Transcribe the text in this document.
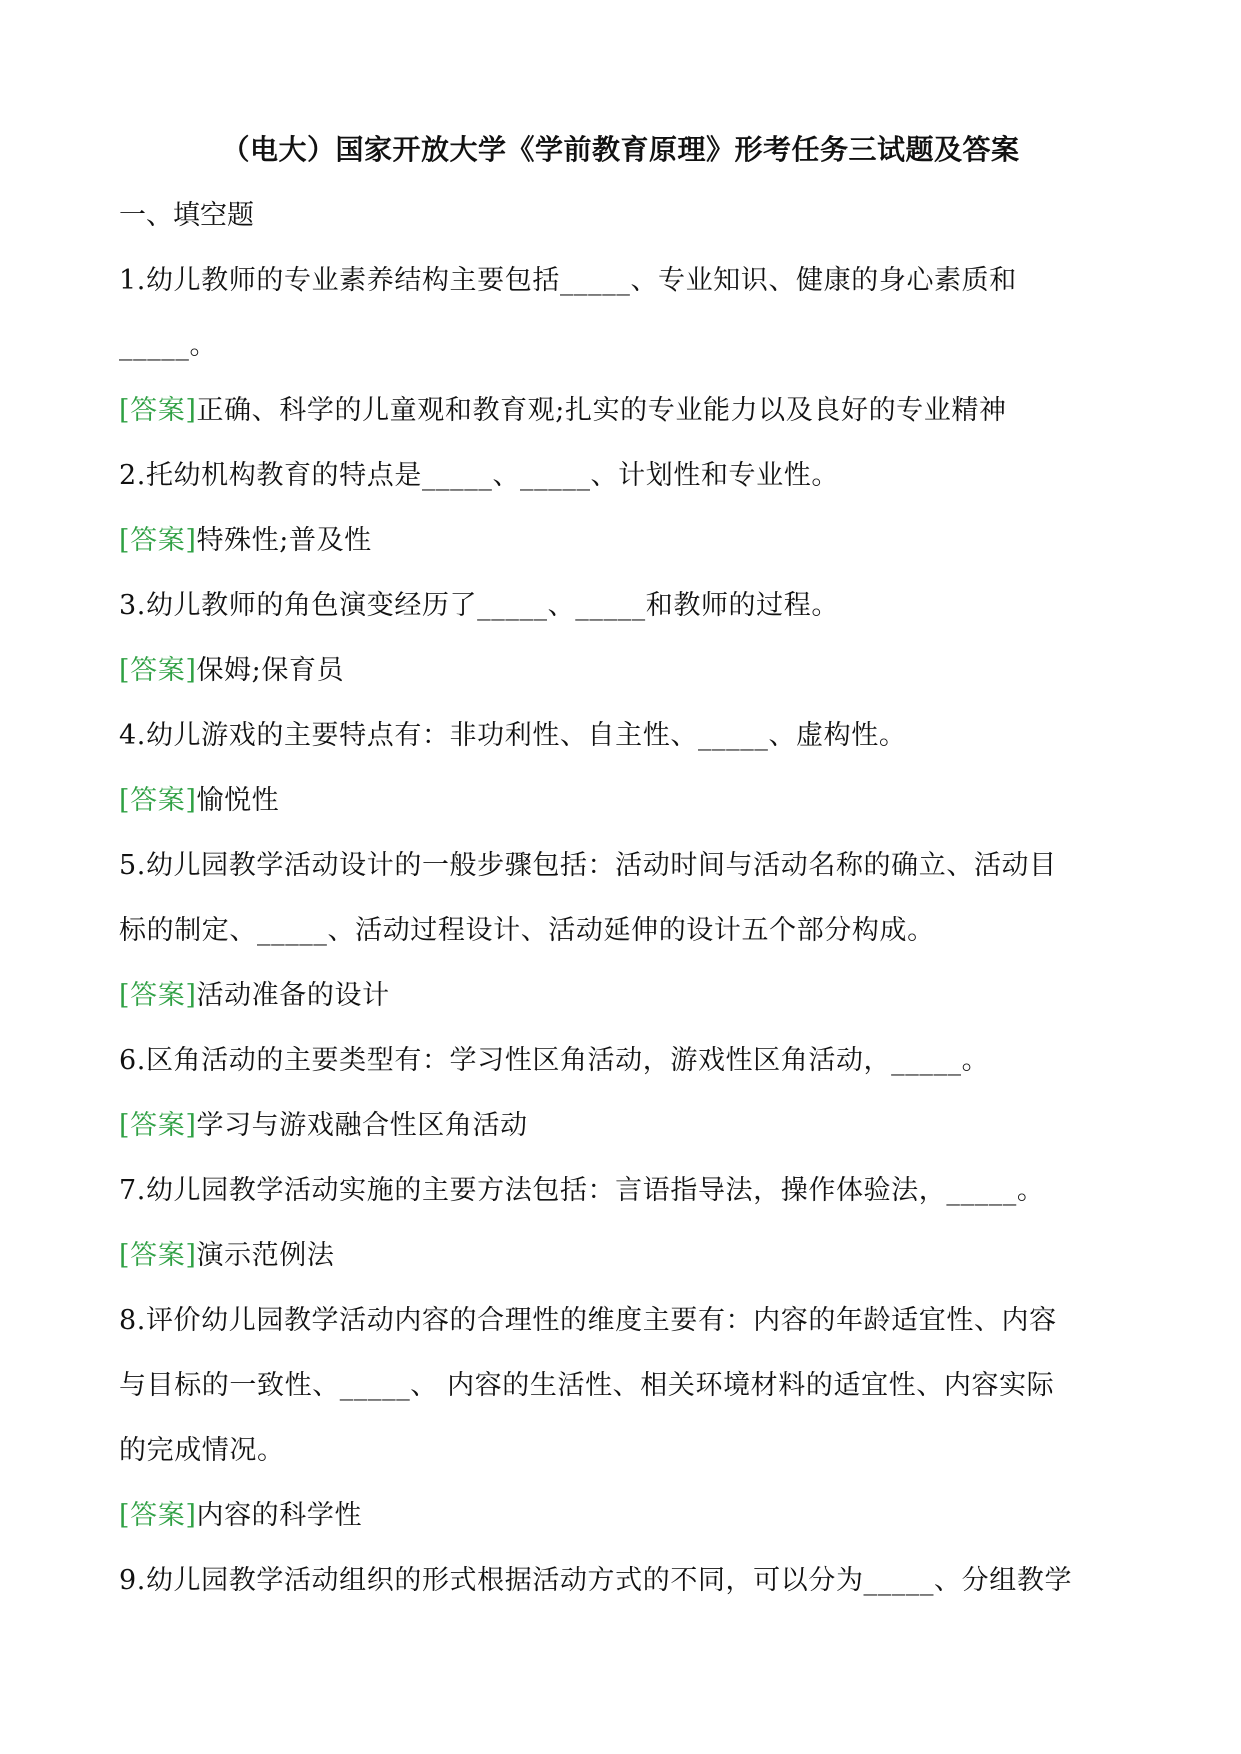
（电大）国家开放大学《学前教育原理》形考任务三试题及答案
一、填空题
1.幼儿教师的专业素养结构主要包括_____、专业知识、健康的身心素质和
_____。
[答案]正确、科学的儿童观和教育观;扎实的专业能力以及良好的专业精神
2.托幼机构教育的特点是_____、_____、计划性和专业性。
[答案]特殊性;普及性
3.幼儿教师的角色演变经历了_____、_____和教师的过程。
[答案]保姆;保育员
4.幼儿游戏的主要特点有：非功利性、自主性、_____、虚构性。
[答案]愉悦性
5.幼儿园教学活动设计的一般步骤包括：活动时间与活动名称的确立、活动目
标的制定、_____、活动过程设计、活动延伸的设计五个部分构成。
[答案]活动准备的设计
6.区角活动的主要类型有：学习性区角活动，游戏性区角活动，_____。
[答案]学习与游戏融合性区角活动
7.幼儿园教学活动实施的主要方法包括：言语指导法，操作体验法，_____。
[答案]演示范例法
8.评价幼儿园教学活动内容的合理性的维度主要有：内容的年龄适宜性、内容
与目标的一致性、_____、 内容的生活性、相关环境材料的适宜性、内容实际
的完成情况。
[答案]内容的科学性
9.幼儿园教学活动组织的形式根据活动方式的不同，可以分为_____、分组教学
